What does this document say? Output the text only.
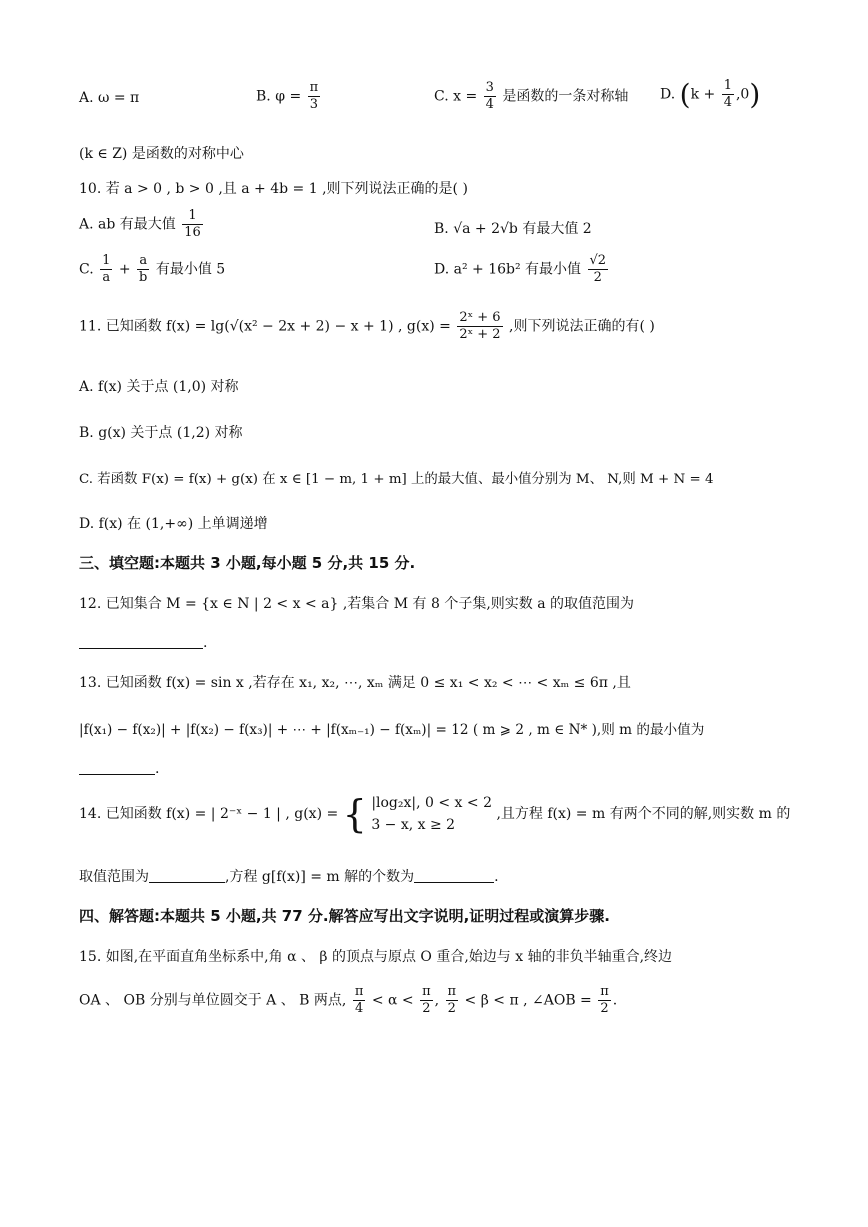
A. ω = π	B. $\varphi = \frac{\pi}{3}$	C. $x = \frac{3}{4}$ 是函数的一条对称轴 D. $(k + \frac{1}{4} ,0)$
(k ∈ Z) 是函数的对称中心
10. 若 a > 0 , b > 0 ,且 a + 4b = 1 ,则下列说法正确的是( )
A. ab 有最大值 $\frac{1}{16}$	B. √a + 2√b 有最大值 2
C. $\frac{1}{a} + \frac{a}{b}$ 有最小值 5	D. a² + 16b² 有最小值 $\frac{√2}{2}$
11. 已知函数 f(x) = lg(√(x² − 2x + 2) − x + 1) , $g(x) = \frac{\text{2ˣ + 6}}{\text{2ˣ + 2}}$ ,则下列说法正确的有( )
A. f(x) 关于点 (1,0) 对称
B. g(x) 关于点 (1,2) 对称
C. 若函数 F(x) = f(x) + g(x) 在 x ∈ [1 − m, 1 + m] 上的最大值、最小值分别为 M、 N,则 M + N = 4
D. f(x) 在 (1,+∞) 上单调递增
三、填空题:本题共 3 小题,每小题 5 分,共 15 分.
12. 已知集合 M = {x ∈ N | 2 < x < a} ,若集合 M 有 8 个子集,则实数 a 的取值范围为
.
13. 已知函数 f(x) = sin x ,若存在 x₁, x₂, ⋯, xₘ 满足 0 ≤ x₁ < x₂ < ⋯ < xₘ ≤ 6π ,且
|f(x₁) − f(x₂)| + |f(x₂) − f(x₃)| + ⋯ + |f(xₘ₋₁) − f(xₘ)| = 12 ( m ⩾ 2 , m ∈ N* ),则 m 的最小值为
.
14. 已知函数 f(x) = | 2⁻ˣ − 1 | , g(x) = { |log₂x|, 0 < x < 2
3 − x, x ≥ 2
,且方程 f(x) = m 有两个不同的解,则实数 m 的
取值范围为	,方程 g[f(x)] = m 解的个数为	.
四、解答题:本题共 5 小题,共 77 分.解答应写出文字说明,证明过程或演算步骤.
15. 如图,在平面直角坐标系中,角 α 、 β 的顶点与原点 O 重合,始边与 x 轴的非负半轴重合,终边
OA 、 OB 分别与单位圆交于 A 、 B 两点, $\frac{\pi}{4} < \alpha < \frac{\pi}{2}$ , $\frac{\pi}{2} < \beta < \pi$ , ∠AOB = $\frac{\pi}{2}$ .
